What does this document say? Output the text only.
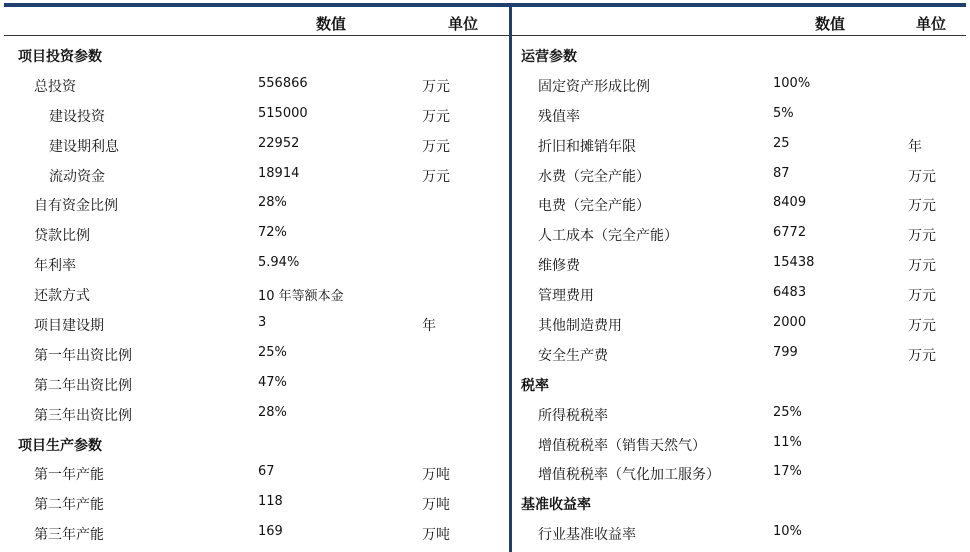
数值	单位	数值	单位
项目投资参数
总投资	556866	万元
建设投资	515000	万元
建设期利息	22952	万元
流动资金	18914	万元
自有资金比例	28%
贷款比例	72%
年利率	5.94%
还款方式	10 年等额本金
项目建设期	3	年
第一年出资比例	25%
第二年出资比例	47%
第三年出资比例	28%
项目生产参数
第一年产能	67	万吨
第二年产能	118	万吨
第三年产能	169	万吨
运营参数
固定资产形成比例	100%
残值率	5%
折旧和摊销年限	25	年
水费（完全产能）	87	万元
电费（完全产能）	8409	万元
人工成本（完全产能）	6772	万元
维修费	15438	万元
管理费用	6483	万元
其他制造费用	2000	万元
安全生产费	799	万元
税率
所得税税率	25%
增值税税率（销售天然气）	11%
增值税税率（气化加工服务）	17%
基准收益率
行业基准收益率	10%
